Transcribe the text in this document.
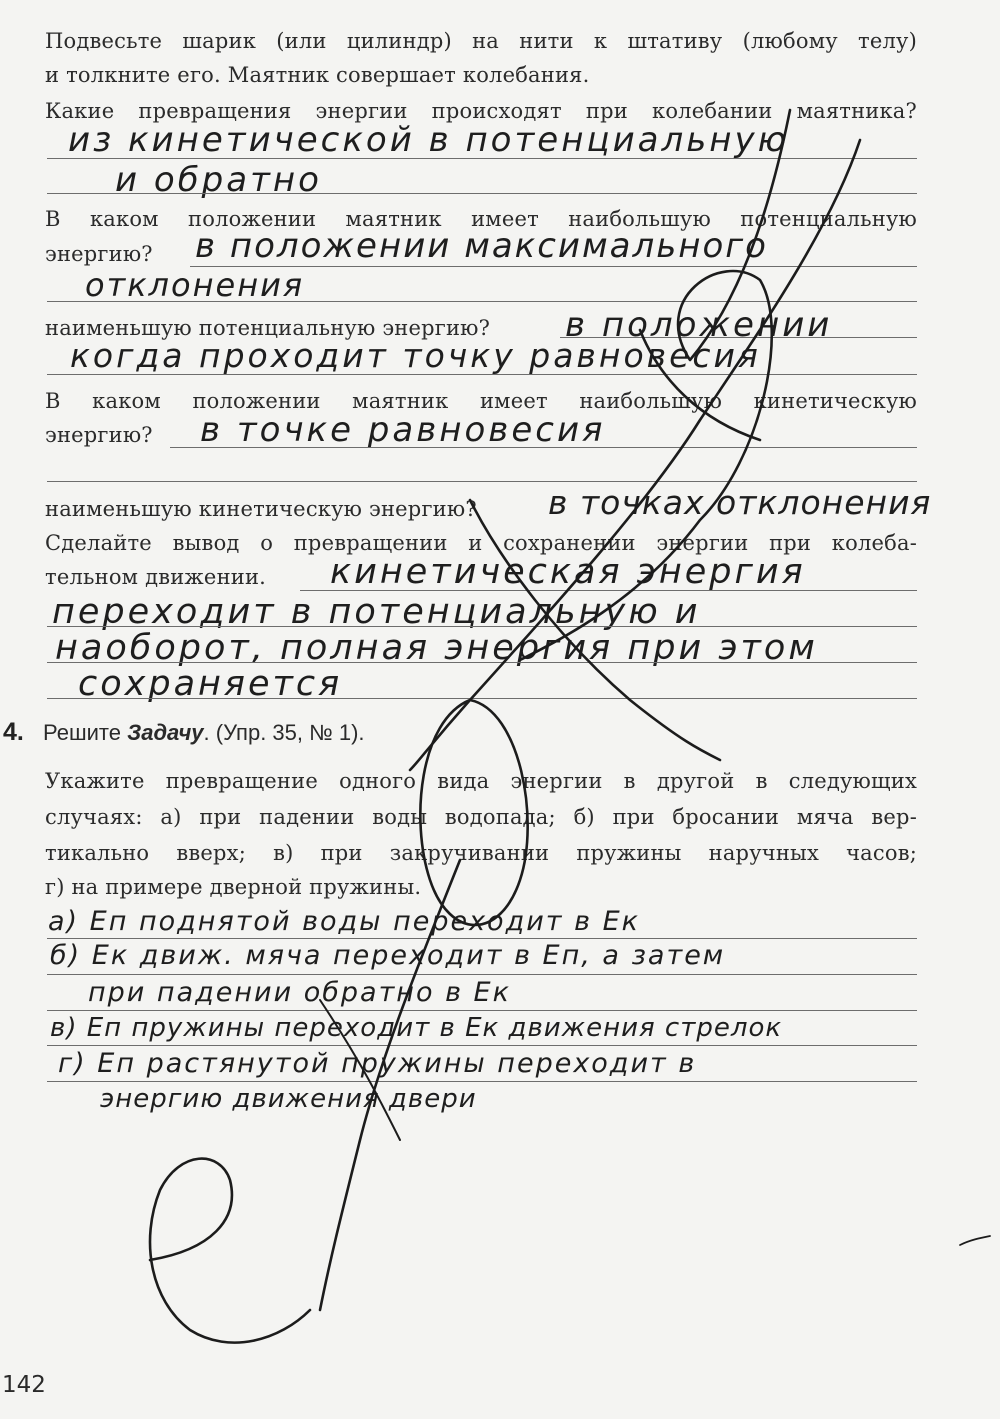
Подвесьте шарик (или цилиндр) на нити к штативу (любому телу)
и толкните его. Маятник совершает колебания.
Какие превращения энергии происходят при колебании маятника?
из кинетической в потенциальную
и обратно
В каком положении маятник имеет наибольшую потенциальную
энергию?	в положении максимального
отклонения
наименьшую потенциальную энергию?	в положении
когда проходит точку равновесия
В каком положении маятник имеет наибольшую кинетическую
энергию?	в точке равновесия
наименьшую кинетическую энергию?	в точках отклонения
Сделайте вывод о превращении и сохранении энергии при колеба-
тельном движении.	кинетическая энергия
переходит в потенциальную и
наоборот, полная энергия при этом
сохраняется
4. Решите Задачу. (Упр. 35, № 1).
Укажите превращение одного вида энергии в другой в следующих
случаях: а) при падении воды водопада; б) при бросании мяча вер-
тикально вверх; в) при закручивании пружины наручных часов;
г) на примере дверной пружины.
а) Еп поднятой воды переходит в Ек
б) Ек движ. мяча переходит в Еп, а затем
при падении обратно в Ек
в) Еп пружины переходит в Ек движения стрелок
г) Еп растянутой пружины переходит в
энергию движения двери
142
